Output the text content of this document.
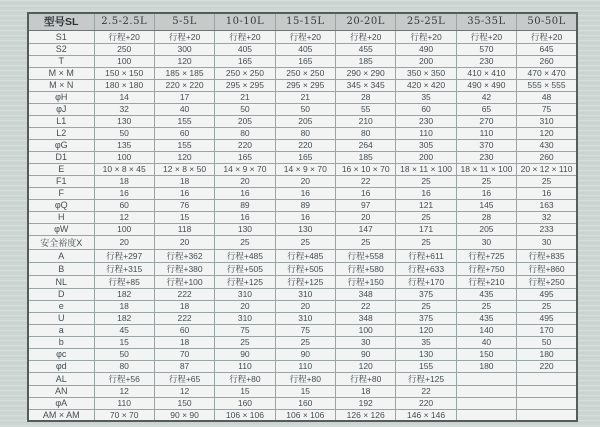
型号SL	2.5-2.5L	5-5L	10-10L	15-15L	20-20L	25-25L	35-35L	50-50L
S1	行程+20	行程+20	行程+20	行程+20	行程+20	行程+20	行程+20	行程+20
S2	250	300	405	405	455	490	570	645
T	100	120	165	165	185	200	230	260
M × M	150 × 150	185 × 185	250 × 250	250 × 250	290 × 290	350 × 350	410 × 410	470 × 470
M × N	180 × 180	220 × 220	295 × 295	295 × 295	345 × 345	420 × 420	490 × 490	555 × 555
φH	14	17	21	21	28	35	42	48
φJ	32	40	50	50	55	60	65	75
L1	130	155	205	205	210	230	270	310
L2	50	60	80	80	80	110	110	120
φG	135	155	220	220	264	305	370	430
D1	100	120	165	165	185	200	230	260
E	10 × 8 × 45	12 × 8 × 50	14 × 9 × 70	14 × 9 × 70	16 × 10 × 70	18 × 11 × 100	18 × 11 × 100	20 × 12 × 110
F1	18	18	20	20	22	25	25	25
F	16	16	16	16	16	16	16	16
φQ	60	76	89	89	97	121	145	163
H	12	15	16	16	20	25	28	32
φW	100	118	130	130	147	171	205	233
安全裕度X	20	20	25	25	25	25	30	30
A	行程+297	行程+362	行程+485	行程+485	行程+558	行程+611	行程+725	行程+835
B	行程+315	行程+380	行程+505	行程+505	行程+580	行程+633	行程+750	行程+860
NL	行程+85	行程+100	行程+125	行程+125	行程+150	行程+170	行程+210	行程+250
D	182	222	310	310	348	375	435	495
e	18	18	20	20	22	25	25	25
U	182	222	310	310	348	375	435	495
a	45	60	75	75	100	120	140	170
b	15	18	25	25	30	35	40	50
φc	50	70	90	90	90	130	150	180
φd	80	87	110	110	120	155	180	220
AL	行程+56	行程+65	行程+80	行程+80	行程+80	行程+125		
AN	12	12	15	15	18	22		
φA	110	150	160	160	192	220		
AM × AM	70 × 70	90 × 90	106 × 106	106 × 106	126 × 126	146 × 146		
